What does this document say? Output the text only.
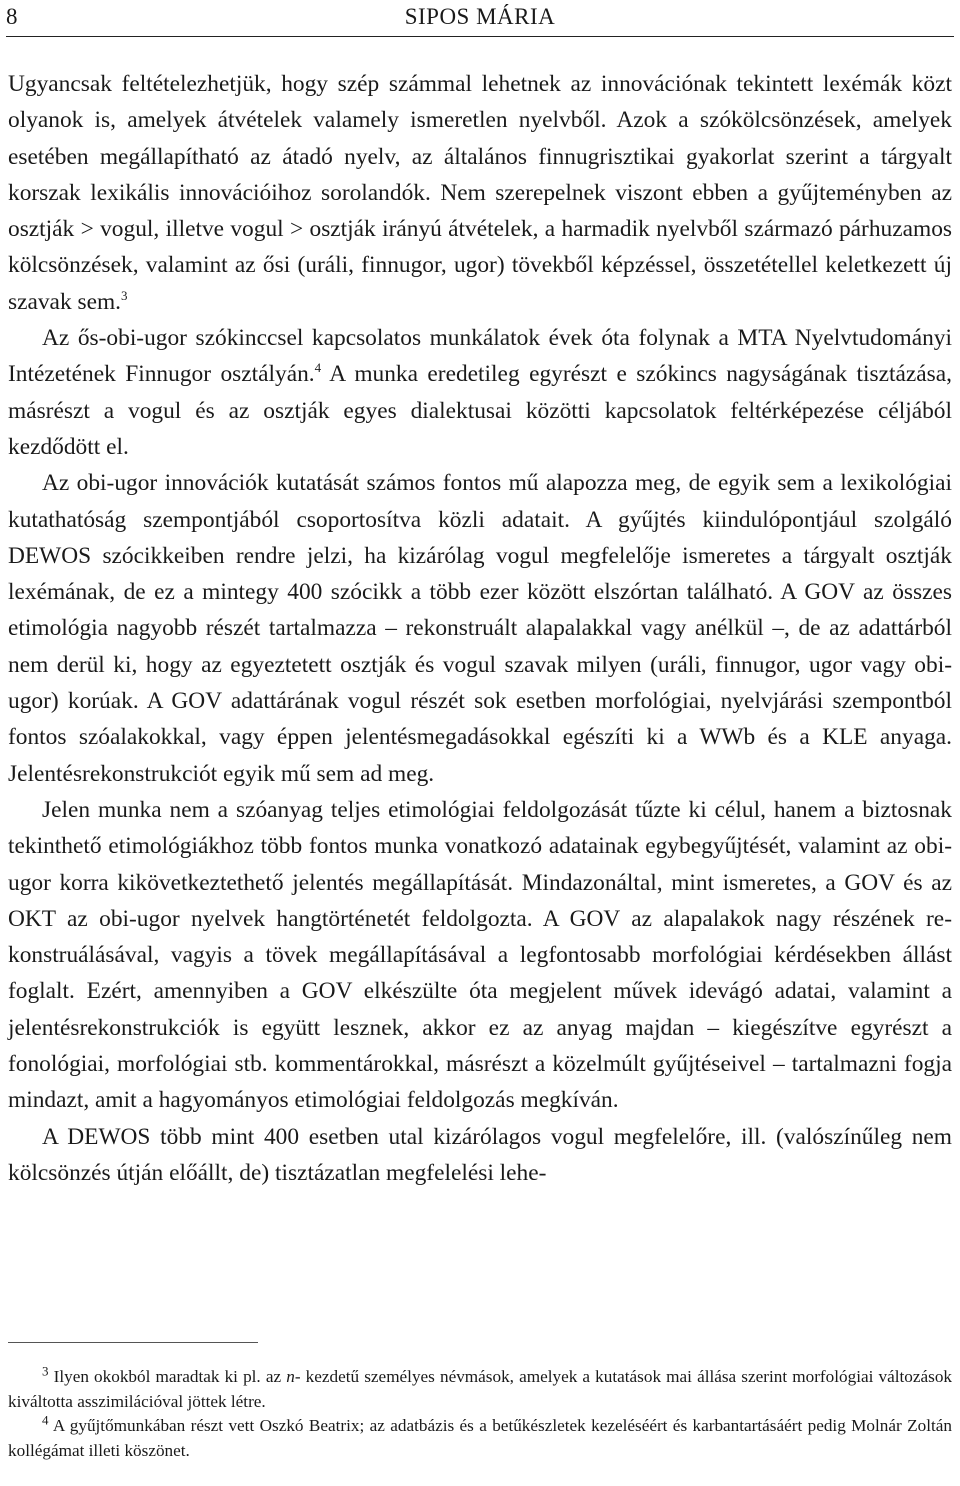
8	SIPOS MÁRIA

Ugyancsak feltételezhetjük, hogy szép számmal lehetnek az innovációnak tekintett lexémák közt olyanok is, amelyek átvételek valamely ismeretlen nyelvből. Azok a szókölcsönzések, amelyek esetében megállapítható az átadó nyelv, az általános finnugrisztikai gyakorlat szerint a tárgyalt korszak lexikális innovációihoz sorolandók. Nem szerepelnek viszont ebben a gyűjteményben az osztják > vogul, illetve vogul > osztják irányú átvételek, a harmadik nyelvből származó párhuzamos kölcsönzések, valamint az ősi (uráli, finnugor, ugor) tövekből képzéssel, összetétellel keletkezett új szavak sem.$^3$

Az ős-obi-ugor szókinccsel kapcsolatos munkálatok évek óta folynak a MTA Nyelvtudományi Intézetének Finnugor osztályán.$^4$ A munka eredetileg egyrészt e szókincs nagyságának tisztázása, másrészt a vogul és az osztják egyes dialektusai közötti kapcsolatok feltérképezése céljából kezdődött el.

Az obi-ugor innovációk kutatását számos fontos mű alapozza meg, de egyik sem a lexikológiai kutathatóság szempontjából csoportosítva közli adatait. A gyűjtés kiindulópontjául szolgáló DEWOS szócikkeiben rendre jelzi, ha kizárólag vogul megfelelője ismeretes a tárgyalt osztják lexémának, de ez a mintegy 400 szócikk a több ezer között elszórtan található. A GOV az összes etimológia nagyobb részét tartalmazza – rekonstruált alapalakkal vagy anélkül –, de az adattárból nem derül ki, hogy az egyeztetett osztják és vogul szavak milyen (uráli, finnugor, ugor vagy obi-ugor) korúak. A GOV adattárának vogul részét sok esetben morfológiai, nyelvjárási szempontból fontos szóalakokkal, vagy éppen jelentésmegadásokkal egészíti ki a WWb és a KLE anyaga. Jelentésrekonstrukciót egyik mű sem ad meg.

Jelen munka nem a szóanyag teljes etimológiai feldolgozását tűzte ki célul, hanem a biztosnak tekinthető etimológiákhoz több fontos munka vonatkozó adatainak egybegyűjtését, valamint az obi-ugor korra kikövetkeztethető jelentés megállapítását. Mindazonáltal, mint ismeretes, a GOV és az OKT az obi-ugor nyelvek hangtörténetét feldolgozta. A GOV az alapalakok nagy részének rekonstruálásával, vagyis a tövek megállapításával a legfontosabb morfológiai kérdésekben állást foglalt. Ezért, amennyiben a GOV elkészülte óta megjelent művek idevágó adatai, valamint a jelentésrekonstrukciók is együtt lesznek, akkor ez az anyag majdan – kiegészítve egyrészt a fonológiai, morfológiai stb. kommentárokkal, másrészt a közelmúlt gyűjtéseivel – tartalmazni fogja mindazt, amit a hagyományos etimológiai feldolgozás megkíván.

A DEWOS több mint 400 esetben utal kizárólagos vogul megfelelőre, ill. (valószínűleg nem kölcsönzés útján előállt, de) tisztázatlan megfelelési lehe-

$^3$ Ilyen okokból maradtak ki pl. az n- kezdetű személyes névmások, amelyek a kutatások mai állása szerint morfológiai változások kiváltotta asszimilációval jöttek létre.

$^4$ A gyűjtőmunkában részt vett Oszkó Beatrix; az adatbázis és a betűkészletek kezeléséért és karbantartásáért pedig Molnár Zoltán kollégámat illeti köszönet.
